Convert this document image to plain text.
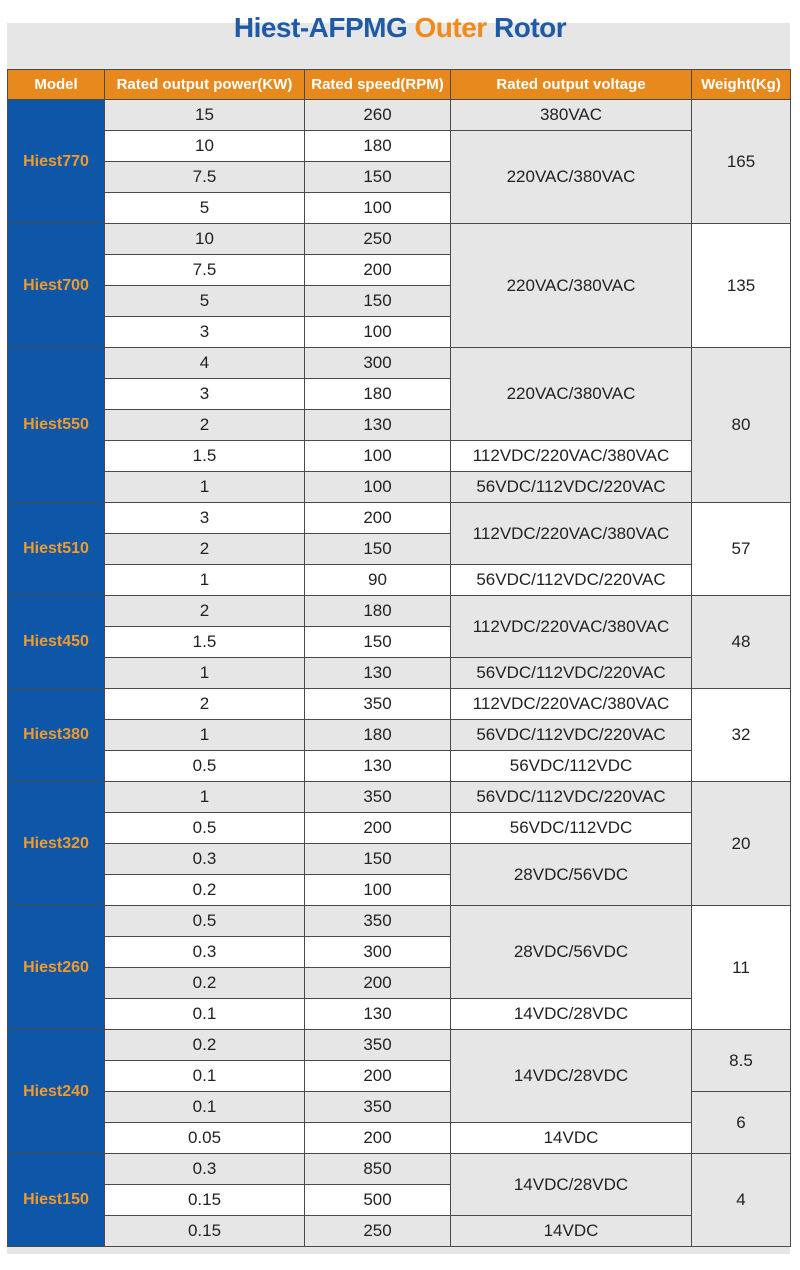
Hiest-AFPMG Outer Rotor
Model	Rated output power(KW)	Rated speed(RPM)	Rated output voltage	Weight(Kg)
Hiest770	15	260	380VAC	165
	10	180	220VAC/380VAC	
	7.5	150		
	5	100		
Hiest700	10	250	220VAC/380VAC	135
	7.5	200		
	5	150		
	3	100		
Hiest550	4	300	220VAC/380VAC	80
	3	180		
	2	130		
	1.5	100	112VDC/220VAC/380VAC	
	1	100	56VDC/112VDC/220VAC	
Hiest510	3	200	112VDC/220VAC/380VAC	57
	2	150		
	1	90	56VDC/112VDC/220VAC	
Hiest450	2	180	112VDC/220VAC/380VAC	48
	1.5	150		
	1	130	56VDC/112VDC/220VAC	
Hiest380	2	350	112VDC/220VAC/380VAC	32
	1	180	56VDC/112VDC/220VAC	
	0.5	130	56VDC/112VDC	
Hiest320	1	350	56VDC/112VDC/220VAC	20
	0.5	200	56VDC/112VDC	
	0.3	150	28VDC/56VDC	
	0.2	100		
Hiest260	0.5	350	28VDC/56VDC	11
	0.3	300		
	0.2	200		
	0.1	130	14VDC/28VDC	
Hiest240	0.2	350	14VDC/28VDC	8.5
	0.1	200		
	0.1	350		6
	0.05	200	14VDC	
Hiest150	0.3	850	14VDC/28VDC	4
	0.15	500		
	0.15	250	14VDC	
